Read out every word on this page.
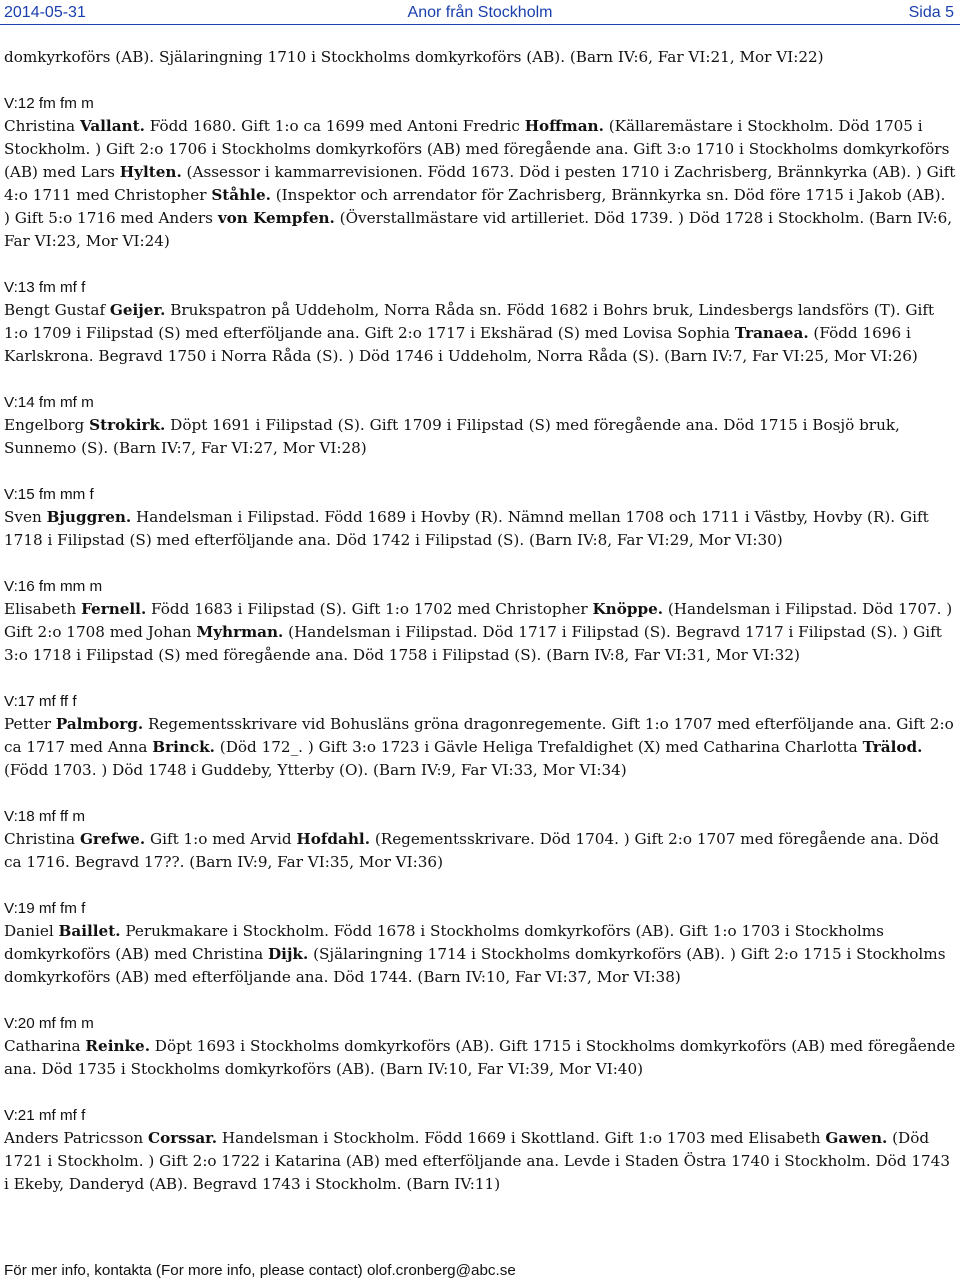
2014-05-31	Anor från Stockholm	Sida 5

domkyrkoförs (AB). Själaringning 1710 i Stockholms domkyrkoförs (AB). (Barn IV:6, Far VI:21, Mor VI:22)

V:12 fm fm m

Christina Vallant. Född 1680. Gift 1:o ca 1699 med Antoni Fredric Hoffman. (Källaremästare i Stockholm. Död 1705 i Stockholm. ) Gift 2:o 1706 i Stockholms domkyrkoförs (AB) med föregående ana. Gift 3:o 1710 i Stockholms domkyrkoförs (AB) med Lars Hylten. (Assessor i kammarrevisionen. Född 1673. Död i pesten 1710 i Zachrisberg, Brännkyrka (AB). ) Gift 4:o 1711 med Christopher Ståhle. (Inspektor och arrendator för Zachrisberg, Brännkyrka sn. Död före 1715 i Jakob (AB). ) Gift 5:o 1716 med Anders von Kempfen. (Överstallmästare vid artilleriet. Död 1739. ) Död 1728 i Stockholm. (Barn IV:6, Far VI:23, Mor VI:24)

V:13 fm mf f

Bengt Gustaf Geijer. Brukspatron på Uddeholm, Norra Råda sn. Född 1682 i Bohrs bruk, Lindesbergs landsförs (T). Gift 1:o 1709 i Filipstad (S) med efterföljande ana. Gift 2:o 1717 i Ekshärad (S) med Lovisa Sophia Tranaea. (Född 1696 i Karlskrona. Begravd 1750 i Norra Råda (S). ) Död 1746 i Uddeholm, Norra Råda (S). (Barn IV:7, Far VI:25, Mor VI:26)

V:14 fm mf m

Engelborg Strokirk. Döpt 1691 i Filipstad (S). Gift 1709 i Filipstad (S) med föregående ana. Död 1715 i Bosjö bruk, Sunnemo (S). (Barn IV:7, Far VI:27, Mor VI:28)

V:15 fm mm f

Sven Bjuggren. Handelsman i Filipstad. Född 1689 i Hovby (R). Nämnd mellan 1708 och 1711 i Västby, Hovby (R). Gift 1718 i Filipstad (S) med efterföljande ana. Död 1742 i Filipstad (S). (Barn IV:8, Far VI:29, Mor VI:30)

V:16 fm mm m

Elisabeth Fernell. Född 1683 i Filipstad (S). Gift 1:o 1702 med Christopher Knöppe. (Handelsman i Filipstad. Död 1707. ) Gift 2:o 1708 med Johan Myhrman. (Handelsman i Filipstad. Död 1717 i Filipstad (S). Begravd 1717 i Filipstad (S). ) Gift 3:o 1718 i Filipstad (S) med föregående ana. Död 1758 i Filipstad (S). (Barn IV:8, Far VI:31, Mor VI:32)

V:17 mf ff f

Petter Palmborg. Regementsskrivare vid Bohusläns gröna dragonregemente. Gift 1:o 1707 med efterföljande ana. Gift 2:o ca 1717 med Anna Brinck. (Död 172_. ) Gift 3:o 1723 i Gävle Heliga Trefaldighet (X) med Catharina Charlotta Trälod. (Född 1703. ) Död 1748 i Guddeby, Ytterby (O). (Barn IV:9, Far VI:33, Mor VI:34)

V:18 mf ff m

Christina Grefwe. Gift 1:o med Arvid Hofdahl. (Regementsskrivare. Död 1704. ) Gift 2:o 1707 med föregående ana. Död ca 1716. Begravd 17??. (Barn IV:9, Far VI:35, Mor VI:36)

V:19 mf fm f

Daniel Baillet. Perukmakare i Stockholm. Född 1678 i Stockholms domkyrkoförs (AB). Gift 1:o 1703 i Stockholms domkyrkoförs (AB) med Christina Dijk. (Själaringning 1714 i Stockholms domkyrkoförs (AB). ) Gift 2:o 1715 i Stockholms domkyrkoförs (AB) med efterföljande ana. Död 1744. (Barn IV:10, Far VI:37, Mor VI:38)

V:20 mf fm m

Catharina Reinke. Döpt 1693 i Stockholms domkyrkoförs (AB). Gift 1715 i Stockholms domkyrkoförs (AB) med föregående ana. Död 1735 i Stockholms domkyrkoförs (AB). (Barn IV:10, Far VI:39, Mor VI:40)

V:21 mf mf f

Anders Patricsson Corssar. Handelsman i Stockholm. Född 1669 i Skottland. Gift 1:o 1703 med Elisabeth Gawen. (Död 1721 i Stockholm. ) Gift 2:o 1722 i Katarina (AB) med efterföljande ana. Levde i Staden Östra 1740 i Stockholm. Död 1743 i Ekeby, Danderyd (AB). Begravd 1743 i Stockholm. (Barn IV:11)

För mer info, kontakta (For more info, please contact) olof.cronberg@abc.se
